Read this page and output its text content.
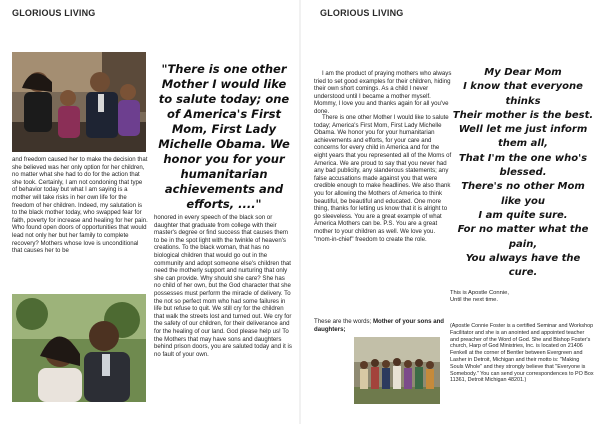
GLORIOUS LIVING
"There is one other Mother I would like to salute today; one of America's First Mom, First Lady Michelle Obama. We honor you for your humanitarian achievements and efforts, ...."
and freedom caused her to make the decision that she believed was her only option for her children, no matter what she had to do for the action that she took. Certainly, I am not condoning that type of behavior today but what I am saying is a mother will take risks in her own life for the freedom of her children. Indeed, my salutation is to the black mother today, who swapped fear for faith, poverty for increase and healing for her pain. Who found open doors of opportunities that would lead not only her but her family to complete recovery? Mothers whose love is unconditional that causes her to be
honored in every speech of the black son or daughter that graduate from college with their master's degree or find success that causes them to be in the spot light with the twinkle of heaven's creations. To the black woman, that has no biological children that would go out in the community and adopt someone else's children that need the motherly support and nurturing that only she can provide. Why should she care? She has no child of her own, but the God character that she possesses must perform the miracle of delivery. To the not so perfect mom who had some failures in life but refuse to quit. We still cry for the children that walk the streets lost and turned out. We cry for the safety of our children, for their deliverance and for the healing of our land. God please help us! To the Mothers that may have sons and daughters behind prison doors, you are saluted today and it is no fault of your own.
GLORIOUS LIVING
I am the product of praying mothers who always tried to set good examples for their children, hiding their own short comings. As a child I never understood until I became a mother myself. Mommy, I love you and thanks again for all you've done.
There is one other Mother I would like to salute today; America's First Mom, First Lady Michelle Obama. We honor you for your humanitarian achievements and efforts, for your care and concerns for every child in America and for the eight years that you represented all of the Moms of America. We are proud to say that you never had any bad publicity, any slanderous statements; any false accusations made against you that were credible enough to make headlines. We also thank you for allowing the Mothers of America to think beautiful, be beautiful and educated. One more thing, thanks for letting us know that it is alright to go sleeveless. You are a great example of what America Mothers can be. P.S. You are a great mother to your children as well. We love you. "mom-in-chief" freedom to create the role.
These are the words; Mother of your sons and daughters;
My Dear Mom
I know that everyone thinks
Their mother is the best.
Well let me just inform them all,
That I'm the one who's blessed.
There's no other Mom like you
I am quite sure.
For no matter what the pain,
You always have the cure.
This is Apostle Connie,
Until the next time.
(Apostle Connie Foster is a certified Seminar and Workshop Facilitator and she is an anointed and appointed teacher and preacher of the Word of God. She and Bishop Foster's church, Harp of God Ministries, Inc. is located on 21406 Fenkell at the corner of Bentler between Evergreen and Lasher in Detroit, Michigan and their motto is: "Making Souls Whole" and they strongly believe that "Everyone is Somebody." You can send your correspondences to PO Box 11361, Detroit Michigan 48201.)
